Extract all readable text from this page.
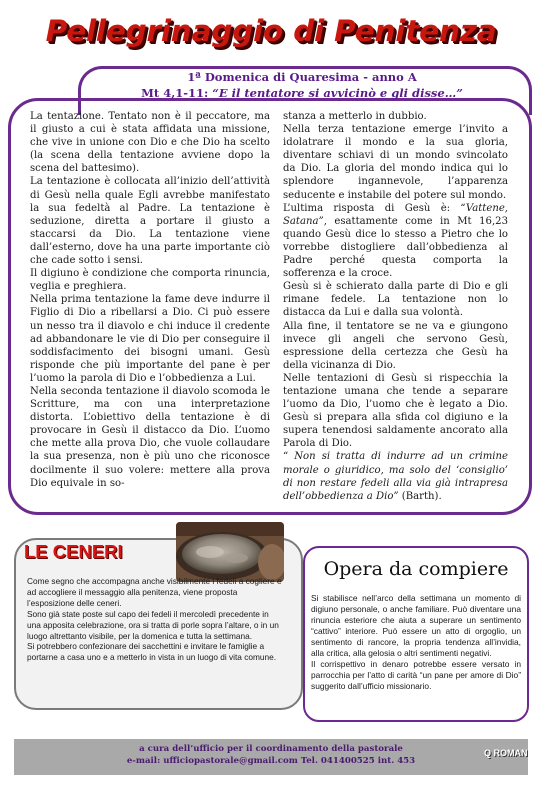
Pellegrinaggio di Penitenza
1ª Domenica di Quaresima - anno A
Mt 4,1-11: “E il tentatore si avvicinò e gli disse…”

La tentazione. Tentato non è il peccatore, ma il giusto a cui è stata affidata una missione, che vive in unione con Dio e che Dio ha scelto (la scena della tentazione avviene dopo la scena del battesimo).

La tentazione è collocata all’inizio dell’attività di Gesù nella quale Egli avrebbe manifestato la sua fedeltà al Padre. La tentazione è seduzione, diretta a portare il giusto a staccarsi da Dio. La tentazione viene dall’esterno, dove ha una parte importante ciò che cade sotto i sensi.

Il digiuno è condizione che comporta rinuncia, veglia e preghiera.

Nella prima tentazione la fame deve indurre il Figlio di Dio a ribellarsi a Dio. Ci può essere un nesso tra il diavolo e chi induce il credente ad abbandonare le vie di Dio per conseguire il soddisfacimento dei bisogni umani. Gesù risponde che più importante del pane è per l’uomo la parola di Dio e l’obbedienza a Lui.

Nella seconda tentazione il diavolo scomoda le Scritture, ma con una interpretazione distorta. L’obiettivo della tentazione è di provocare in Gesù il distacco da Dio. L’uomo che mette alla prova Dio, che vuole collaudare la sua presenza, non è più uno che riconosce docilmente il suo volere: mettere alla prova Dio equivale in so-

stanza a metterlo in dubbio.

Nella terza tentazione emerge l’invito a idolatrare il mondo e la sua gloria, diventare schiavi di un mondo svincolato da Dio. La gloria del mondo indica qui lo splendore ingannevole, l’apparenza seducente e instabile del potere sul mondo.

L’ultima risposta di Gesù è: “Vattene, Satana”, esattamente come in Mt 16,23 quando Gesù dice lo stesso a Pietro che lo vorrebbe distogliere dall’obbedienza al Padre perché questa comporta la sofferenza e la croce.

Gesù si è schierato dalla parte di Dio e gli rimane fedele. La tentazione non lo distacca da Lui e dalla sua volontà.

Alla fine, il tentatore se ne va e giungono invece gli angeli che servono Gesù, espressione della certezza che Gesù ha della vicinanza di Dio.

Nelle tentazioni di Gesù si rispecchia la tentazione umana che tende a separare l’uomo da Dio, l’uomo che è legato a Dio. Gesù si prepara alla sfida col digiuno e la supera tenendosi saldamente ancorato alla Parola di Dio.

“ Non si tratta di indurre ad un crimine morale o giuridico, ma solo del ‘consiglio’ di non restare fedeli alla via già intrapresa dell’obbedienza a Dio” (Barth).

LE CENERI

Come segno che accompagna anche visibilmente i fedeli a cogliere e ad accogliere il messaggio alla penitenza, viene proposta l’esposizione delle ceneri.

Sono già state poste sul capo dei fedeli il mercoledì precedente in una apposita celebrazione, ora si tratta di porle sopra l’altare, o in un luogo altrettanto visibile, per la domenica e tutta la settimana.

Si potrebbero confezionare dei sacchettini e invitare le famiglie a portarne a casa uno e a metterlo in vista in un luogo di vita comune.

Opera da compiere

Si stabilisce nell’arco della settimana un momento di digiuno personale, o anche familiare. Può diventare una rinuncia esteriore che aiuta a superare un sentimento “cattivo” interiore. Può essere un atto di orgoglio, un sentimento di rancore, la propria tendenza all’invidia, alla critica, alla gelosia o altri sentimenti negativi.

Il corrispettivo in denaro potrebbe essere versato in parrocchia per l’atto di carità “un pane per amore di Dio” suggerito dall’ufficio missionario.

a cura dell’ufficio per il coordinamento della pastorale
e-mail: ufficiopastorale@gmail.com Tel. 041400525 int. 453
Q ROMAN
